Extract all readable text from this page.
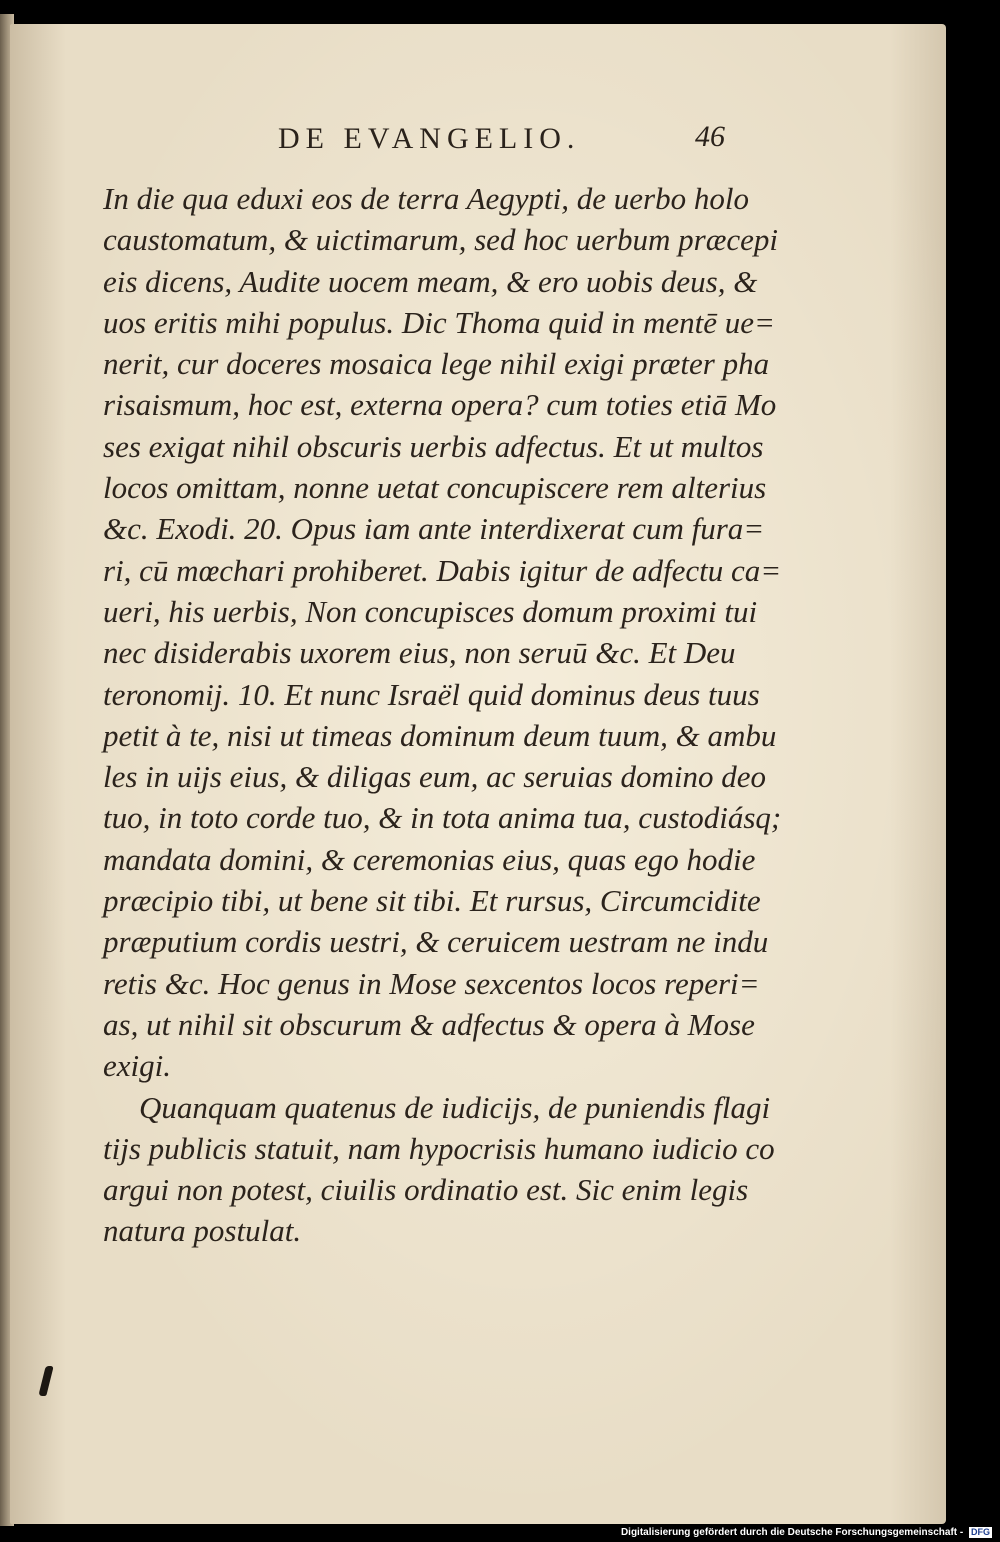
DE EVANGELIO.	46
In die qua eduxi eos de terra Aegypti, de uerbo holo
caustomatum, & uictimarum, sed hoc uerbum præcepi
eis dicens, Audite uocem meam, & ero uobis deus, &
uos eritis mihi populus. Dic Thoma quid in mentē ue=
nerit, cur doceres mosaica lege nihil exigi præter pha
risaismum, hoc est, externa opera? cum toties etiā Mo
ses exigat nihil obscuris uerbis adfectus. Et ut multos
locos omittam, nonne uetat concupiscere rem alterius
&c. Exodi. 20. Opus iam ante interdixerat cum fura=
ri, cū mœchari prohiberet. Dabis igitur de adfectu ca=
ueri, his uerbis, Non concupisces domum proximi tui
nec disiderabis uxorem eius, non seruū &c. Et Deu
teronomij. 10. Et nunc Israël quid dominus deus tuus
petit à te, nisi ut timeas dominum deum tuum, & ambu
les in uijs eius, & diligas eum, ac seruias domino deo
tuo, in toto corde tuo, & in tota anima tua, custodiásq;
mandata domini, & ceremonias eius, quas ego hodie
præcipio tibi, ut bene sit tibi. Et rursus, Circumcidite
præputium cordis uestri, & ceruicem uestram ne indu
retis &c. Hoc genus in Mose sexcentos locos reperi=
as, ut nihil sit obscurum & adfectus & opera à Mose
exigi.
Quanquam quatenus de iudicijs, de puniendis flagi
tijs publicis statuit, nam hypocrisis humano iudicio co
argui non potest, ciuilis ordinatio est. Sic enim legis
natura postulat.
Digitalisierung gefördert durch die Deutsche Forschungsgemeinschaft - DFG
